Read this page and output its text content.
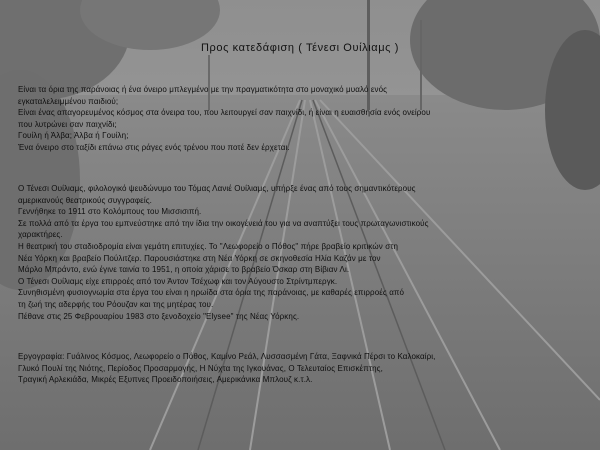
Προς κατεδάφιση ( Τένεσι Ουίλιαμς )
Είναι τα όρια της παράνοιας ή ένα όνειρο μπλεγμένο με την πραγματικότητα στο μοναχικό μυαλό ενός
εγκαταλελειμμένου παιδιού;
Είναι ένας απαγορευμένος κόσμος στα όνειρα του, που λειτουργεί σαν παιχνίδι, ή είναι η ευαισθησία ενός ονείρου
που λυτρώνει σαν παιχνίδι;
Γουίλη ή Άλβα; Άλβα ή Γουίλη;
Ένα όνειρο στο ταξίδι επάνω στις ράγες ενός τρένου που ποτέ δεν έρχεται.
Ο Τένεσι Ουίλιαμς, φιλολογικό ψευδώνυμο του Τόμας Λανιέ Ουίλιαμς, υπήρξε ένας από τους σημαντικότερους
αμερικανούς θεατρικούς συγγραφείς.
Γεννήθηκε το 1911 στο Κολόμπους του Μισσισιπή.
Σε πολλά από τα έργα του εμπνεύστηκε από την ίδια την οικογένειά του για να αναπτύξει τους πρωταγωνιστικούς
χαρακτήρες.
Η θεατρική του σταδιοδρομία είναι γεμάτη επιτυχίες. Το "Λεωφορείο ο Πόθος" πήρε βραβείο κριτικών στη
Νέα Υόρκη και βραβείο Πούλιτζερ. Παρουσιάστηκε στη Νέα Υόρκη σε σκηνοθεσία Ηλία Καζάν με τον
Μάρλο Μπράντο, ενώ έγινε ταινία το 1951, η οποία χάρισε το βραβείο Όσκαρ στη Βίβιαν Λι.
Ο Τένεσι Ουίλιαμς είχε επιρροές από τον Άντον Τσέχωφ και τον Αύγουστο Στρίντμπεργκ.
Συνηθισμένη φυσιογνωμία στα έργα του είναι η ηρωίδα στα όρια της παράνοιας, με καθαρές επιρροές από
τη ζωή της αδερφής του Ρόουζαν και της μητέρας του.
Πέθανε στις 25 Φεβρουαρίου 1983 στο ξενοδοχείο "Elysee" της Νέας Υόρκης.
Εργογραφία: Γυάλινος Κόσμος, Λεωφορείο ο Πόθος, Καμίνο Ρεάλ, Λυσσασμένη Γάτα, Ξαφνικά Πέρσι το Καλοκαίρι,
Γλυκό Πουλί της Νιότης, Περίοδος Προσαρμογής, Η Νύχτα της Ιγκουάνας, Ο Τελευταίος Επισκέπτης,
Τραγική Αρλεκιάδα, Μικρές Εξυπνες Προειδοποιήσεις, Αμερικάνικα Μπλουζ κ.τ.λ.
